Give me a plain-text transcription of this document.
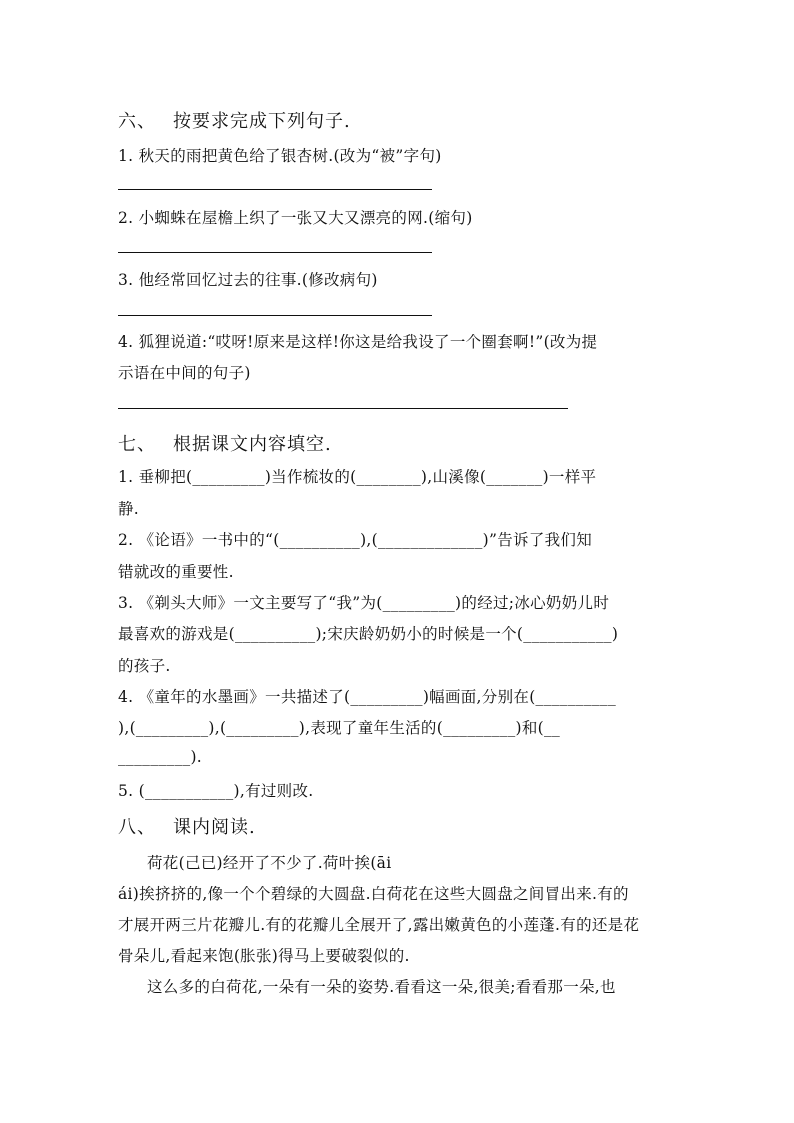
六、 按要求完成下列句子.
1. 秋天的雨把黄色给了银杏树.(改为“被”字句)
2. 小蜘蛛在屋檐上织了一张又大又漂亮的网.(缩句)
3. 他经常回忆过去的往事.(修改病句)
4. 狐狸说道:“哎呀!原来是这样!你这是给我设了一个圈套啊!”(改为提
示语在中间的句子)
七、 根据课文内容填空.
1. 垂柳把(_________)当作梳妆的(________),山溪像(_______)一样平
静.
2. 《论语》一书中的“(__________),(_____________)”告诉了我们知
错就改的重要性.
3. 《剃头大师》一文主要写了“我”为(_________)的经过;冰心奶奶儿时
最喜欢的游戏是(__________);宋庆龄奶奶小的时候是一个(___________)
的孩子.
4. 《童年的水墨画》一共描述了(_________)幅画面,分别在(__________
),(_________),(_________),表现了童年生活的(_________)和(__
_________).
5. (___________),有过则改.
八、 课内阅读.
荷花(己已)经开了不少了.荷叶挨(āi
ái)挨挤挤的,像一个个碧绿的大圆盘.白荷花在这些大圆盘之间冒出来.有的
才展开两三片花瓣儿.有的花瓣儿全展开了,露出嫩黄色的小莲蓬.有的还是花
骨朵儿,看起来饱(胀张)得马上要破裂似的.
这么多的白荷花,一朵有一朵的姿势.看看这一朵,很美;看看那一朵,也
